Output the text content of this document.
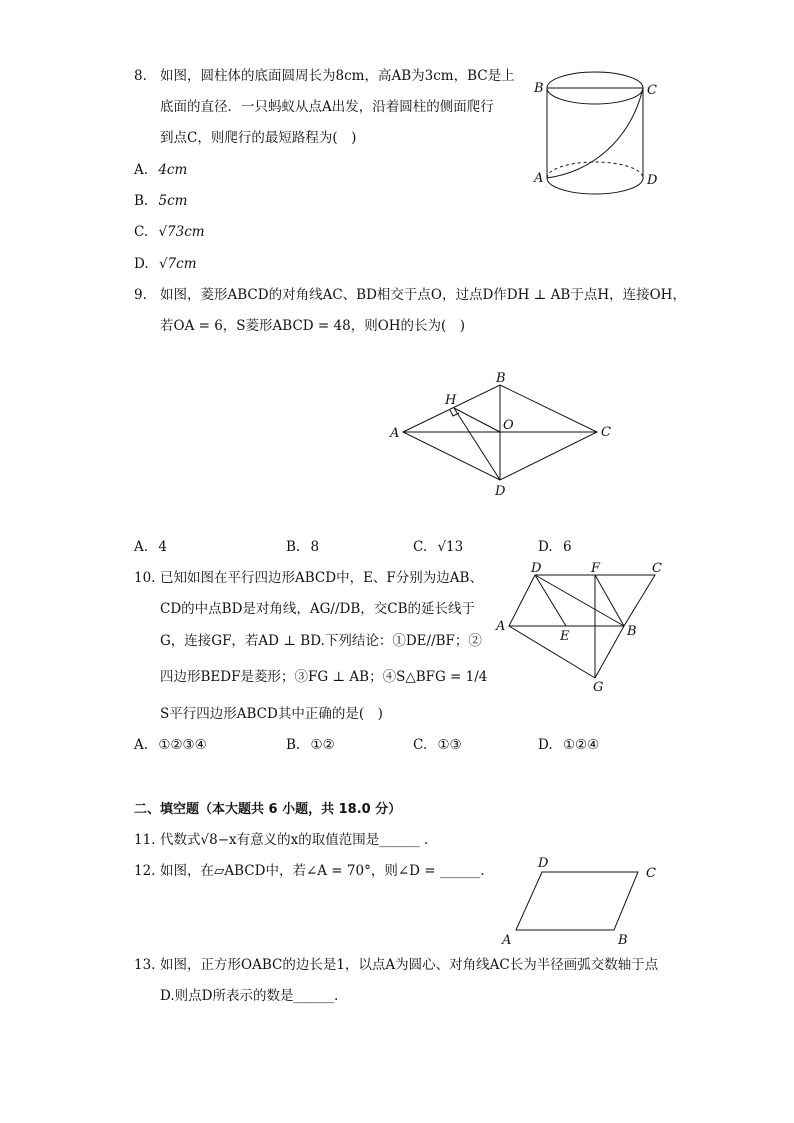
8. 如图，圆柱体的底面圆周长为8cm，高AB为3cm，BC是上
底面的直径．一只蚂蚁从点A出发，沿着圆柱的侧面爬行
到点C，则爬行的最短路程为(　)
A. 4cm
B. 5cm
C. √73cm
D. √7cm
B	C
A	D
9. 如图，菱形ABCD的对角线AC、BD相交于点O，过点D作DH ⊥ AB于点H，连接OH，
若OA = 6，S菱形ABCD = 48，则OH的长为(　)
A
B
C
D
H
O
A. 4	B. 8	C. √13	D. 6
10. 已知如图在平行四边形ABCD中，E、F分别为边AB、
CD的中点BD是对角线，AG//DB，交CB的延长线于
G，连接GF，若AD ⊥ BD.下列结论：①DE//BF；②
四边形BEDF是菱形；③FG ⊥ AB；④S△BFG = 1/4
S平行四边形ABCD其中正确的是(　)
D	F	C
A
E	B
G
A. ①②③④	B. ①②	C. ①③	D. ①②④
二、填空题（本大题共 6 小题，共 18.0 分）
11. 代数式√8−x有意义的x的取值范围是______ .
12. 如图，在▱ABCD中，若∠A = 70°，则∠D = ______.	D
C
A	B
13. 如图，正方形OABC的边长是1，以点A为圆心、对角线AC长为半径画弧交数轴于点
D.则点D所表示的数是______.
